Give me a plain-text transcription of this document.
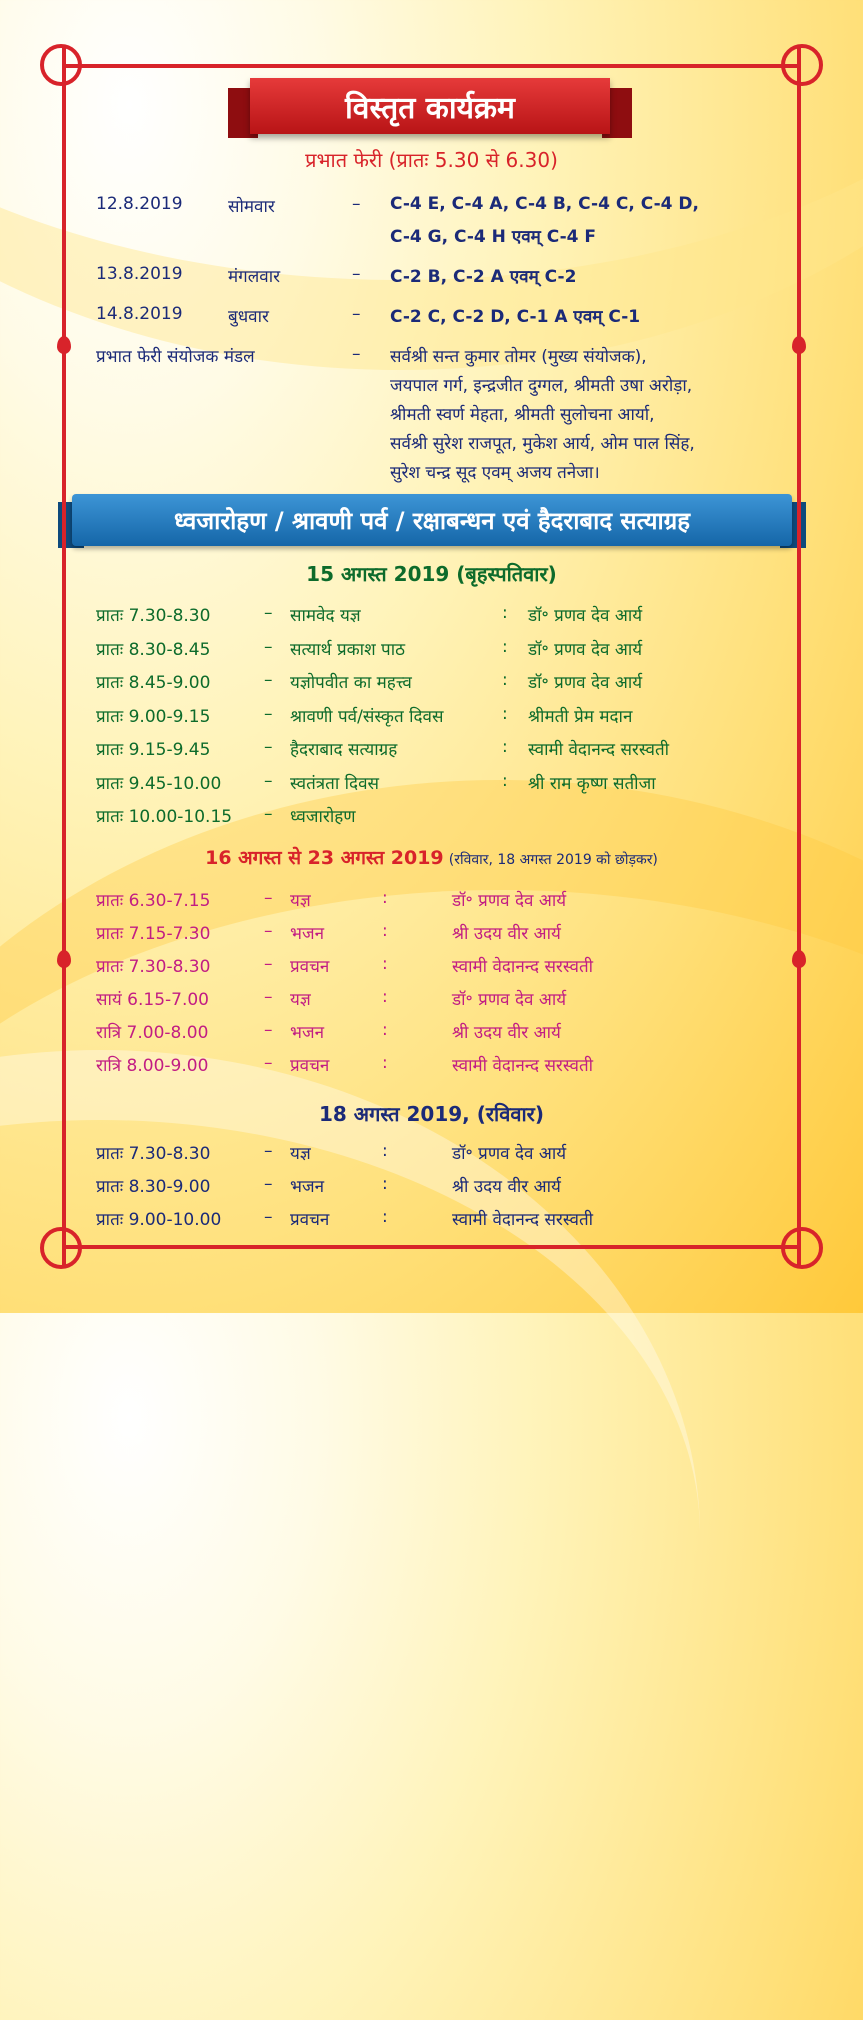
विस्तृत कार्यक्रम
प्रभात फेरी (प्रातः 5.30 से 6.30)
12.8.2019	सोमवार	– C-4 E, C-4 A, C-4 B, C-4 C, C-4 D,
C-4 G, C-4 H एवम् C-4 F
13.8.2019	मंगलवार	– C-2 B, C-2 A एवम् C-2
14.8.2019	बुधवार	– C-2 C, C-2 D, C-1 A एवम् C-1
प्रभात फेरी संयोजक मंडल	– सर्वश्री सन्त कुमार तोमर (मुख्य संयोजक),
जयपाल गर्ग, इन्द्रजीत दुग्गल, श्रीमती उषा अरोड़ा,
श्रीमती स्वर्ण मेहता, श्रीमती सुलोचना आर्या,
सर्वश्री सुरेश राजपूत, मुकेश आर्य, ओम पाल सिंह,
सुरेश चन्द्र सूद एवम् अजय तनेजा।
ध्वजारोहण / श्रावणी पर्व / रक्षाबन्धन एवं हैदराबाद सत्याग्रह
15 अगस्त 2019 (बृहस्पतिवार)
प्रातः 7.30-8.30	– सामवेद यज्ञ	: डॉ॰ प्रणव देव आर्य
प्रातः 8.30-8.45	– सत्यार्थ प्रकाश पाठ	: डॉ॰ प्रणव देव आर्य
प्रातः 8.45-9.00	– यज्ञोपवीत का महत्त्व	: डॉ॰ प्रणव देव आर्य
प्रातः 9.00-9.15	– श्रावणी पर्व/संस्कृत दिवस	: श्रीमती प्रेम मदान
प्रातः 9.15-9.45	– हैदराबाद सत्याग्रह	: स्वामी वेदानन्द सरस्वती
प्रातः 9.45-10.00	– स्वतंत्रता दिवस	: श्री राम कृष्ण सतीजा
प्रातः 10.00-10.15 – ध्वजारोहण
16 अगस्त से 23 अगस्त 2019 (रविवार, 18 अगस्त 2019 को छोड़कर)
प्रातः 6.30-7.15	– यज्ञ	:	डॉ॰ प्रणव देव आर्य
प्रातः 7.15-7.30	– भजन	:	श्री उदय वीर आर्य
प्रातः 7.30-8.30	– प्रवचन	:	स्वामी वेदानन्द सरस्वती
सायं 6.15-7.00	– यज्ञ	:	डॉ॰ प्रणव देव आर्य
रात्रि 7.00-8.00	– भजन	:	श्री उदय वीर आर्य
रात्रि 8.00-9.00	– प्रवचन	:	स्वामी वेदानन्द सरस्वती
18 अगस्त 2019, (रविवार)
प्रातः 7.30-8.30	– यज्ञ	:	डॉ॰ प्रणव देव आर्य
प्रातः 8.30-9.00	– भजन	:	श्री उदय वीर आर्य
प्रातः 9.00-10.00	– प्रवचन	:	स्वामी वेदानन्द सरस्वती
